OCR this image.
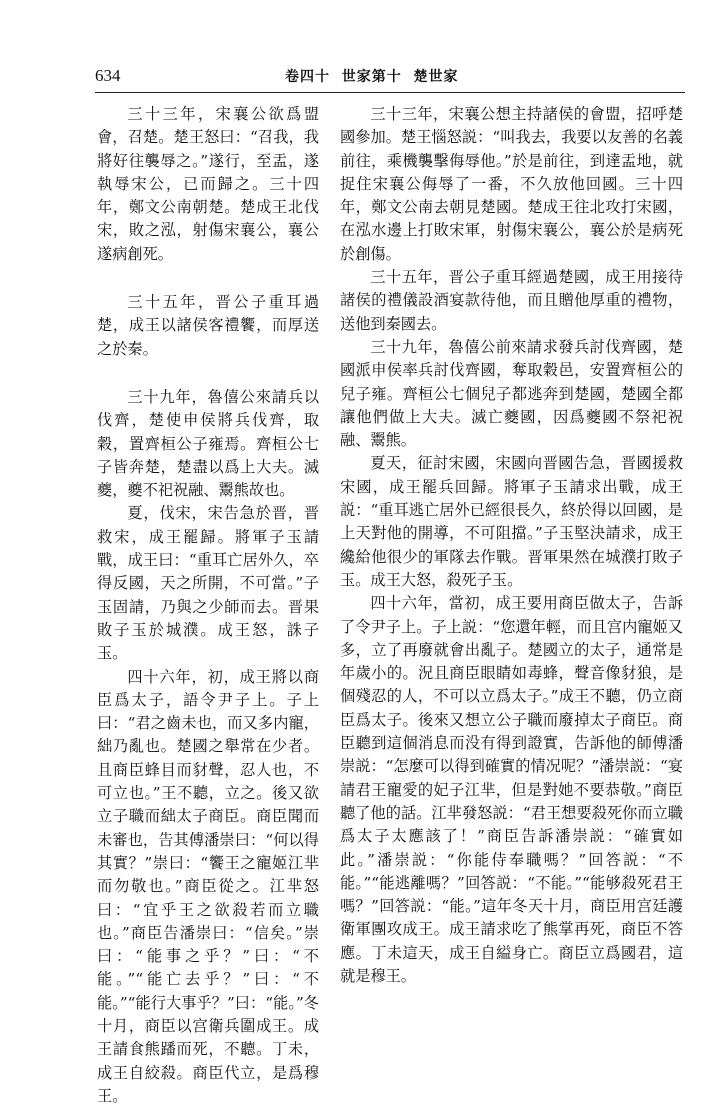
634	卷四十  世家第十  楚世家

三十三年，宋襄公欲爲盟會，召楚。楚王怒曰：“召我，我將好往襲辱之。”遂行，至盂，遂執辱宋公，已而歸之。三十四年，鄭文公南朝楚。楚成王北伐宋，敗之泓，射傷宋襄公，襄公遂病創死。

三十五年，晋公子重耳過楚，成王以諸侯客禮饗，而厚送之於秦。

三十九年，魯僖公來請兵以伐齊，楚使申侯將兵伐齊，取穀，置齊桓公子雍焉。齊桓公七子皆奔楚，楚盡以爲上大夫。滅夔，夔不祀祝融、鬻熊故也。

夏，伐宋，宋告急於晋，晋救宋，成王罷歸。將軍子玉請戰，成王曰：“重耳亡居外久，卒得反國，天之所開，不可當。”子玉固請，乃與之少師而去。晋果敗子玉於城濮。成王怒，誅子玉。

四十六年，初，成王將以商臣爲太子，語令尹子上。子上曰：“君之齒未也，而又多内寵，絀乃亂也。楚國之舉常在少者。且商臣蜂目而豺聲，忍人也，不可立也。”王不聽，立之。後又欲立子職而絀太子商臣。商臣聞而未審也，告其傅潘崇曰：“何以得其實？”崇曰：“饗王之寵姬江芈而勿敬也。”商臣從之。江芈怒曰：“宜乎王之欲殺若而立職也。”商臣告潘崇曰：“信矣。”崇曰：“能事之乎？”曰：“不能。”“能亡去乎？”曰：“不能。”“能行大事乎？”曰：“能。”冬十月，商臣以宫衛兵圍成王。成王請食熊蹯而死，不聽。丁未，成王自絞殺。商臣代立，是爲穆王。

三十三年，宋襄公想主持諸侯的會盟，招呼楚國參加。楚王惱怒説：“叫我去，我要以友善的名義前往，乘機襲擊侮辱他。”於是前往，到達盂地，就捉住宋襄公侮辱了一番，不久放他回國。三十四年，鄭文公南去朝見楚國。楚成王往北攻打宋國，在泓水邊上打敗宋軍，射傷宋襄公，襄公於是病死於創傷。

三十五年，晋公子重耳經過楚國，成王用接待諸侯的禮儀設酒宴款待他，而且贈他厚重的禮物，送他到秦國去。

三十九年，魯僖公前來請求發兵討伐齊國，楚國派申侯率兵討伐齊國，奪取穀邑，安置齊桓公的兒子雍。齊桓公七個兒子都逃奔到楚國，楚國全都讓他們做上大夫。滅亡夔國，因爲夔國不祭祀祝融、鬻熊。

夏天，征討宋國，宋國向晋國告急，晋國援救宋國，成王罷兵回歸。將軍子玉請求出戰，成王説：“重耳逃亡居外已經很長久，終於得以回國，是上天對他的開導，不可阻擋。”子玉堅決請求，成王纔給他很少的軍隊去作戰。晋軍果然在城濮打敗子玉。成王大怒，殺死子玉。

四十六年，當初，成王要用商臣做太子，告訴了令尹子上。子上説：“您還年輕，而且宫内寵姬又多，立了再廢就會出亂子。楚國立的太子，通常是年歲小的。況且商臣眼睛如毒蜂，聲音像豺狼，是個殘忍的人，不可以立爲太子。”成王不聽，仍立商臣爲太子。後來又想立公子職而廢掉太子商臣。商臣聽到這個消息而没有得到證實，告訴他的師傅潘崇説：“怎麼可以得到確實的情况呢？”潘崇説：“宴請君王寵愛的妃子江芈，但是對她不要恭敬。”商臣聽了他的話。江芈發怒説：“君王想要殺死你而立職爲太子太應該了！”商臣告訴潘崇説：“確實如此。”潘崇説：“你能侍奉職嗎？”回答説：“不能。”“能逃離嗎？”回答説：“不能。”“能够殺死君王嗎？”回答説：“能。”這年冬天十月，商臣用宫廷護衛軍團攻成王。成王請求吃了熊掌再死，商臣不答應。丁未這天，成王自縊身亡。商臣立爲國君，這就是穆王。
